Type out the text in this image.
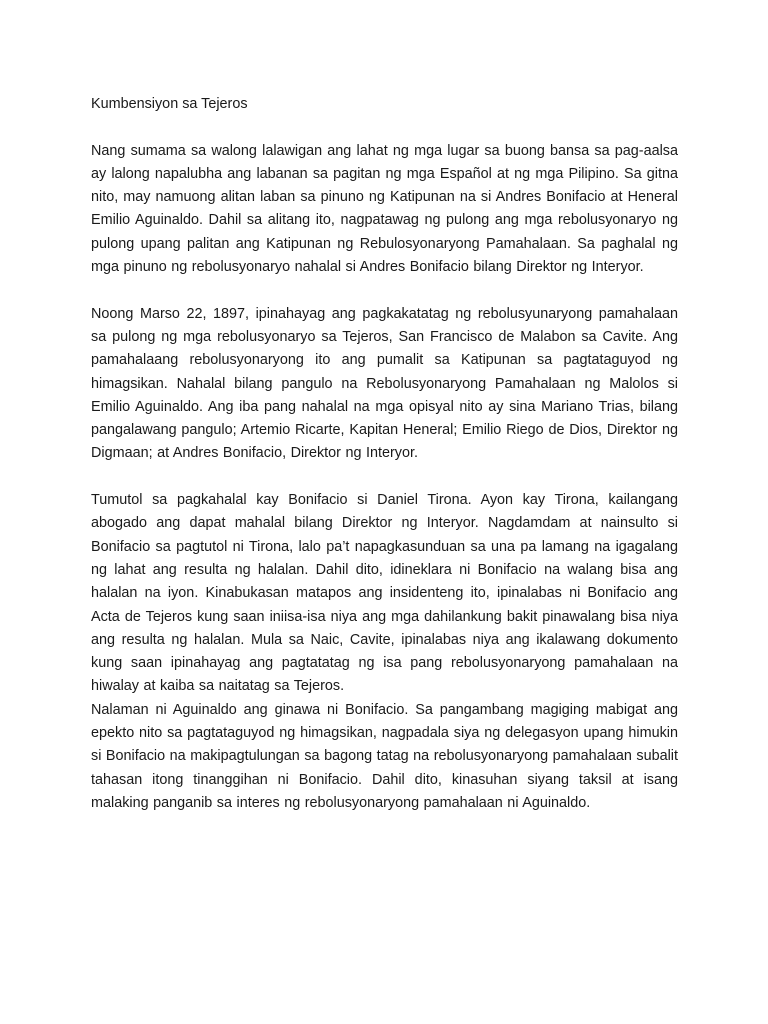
Kumbensiyon sa Tejeros

Nang sumama sa walong lalawigan ang lahat ng mga lugar sa buong bansa sa pag-aalsa ay lalong napalubha ang labanan sa pagitan ng mga Español at ng mga Pilipino. Sa gitna nito, may namuong alitan laban sa pinuno ng Katipunan na si Andres Bonifacio at Heneral Emilio Aguinaldo. Dahil sa alitang ito, nagpatawag ng pulong ang mga rebolusyonaryo ng pulong upang palitan ang Katipunan ng Rebulosyonaryong Pamahalaan. Sa paghalal ng mga pinuno ng rebolusyonaryo nahalal si Andres Bonifacio bilang Direktor ng Interyor.

Noong Marso 22, 1897, ipinahayag ang pagkakatatag ng rebolusyunaryong pamahalaan sa pulong ng mga rebolusyonaryo sa Tejeros, San Francisco de Malabon sa Cavite. Ang pamahalaang rebolusyonaryong ito ang pumalit sa Katipunan sa pagtataguyod ng himagsikan. Nahalal bilang pangulo na Rebolusyonaryong Pamahalaan ng Malolos si Emilio Aguinaldo. Ang iba pang nahalal na mga opisyal nito ay sina Mariano Trias, bilang pangalawang pangulo; Artemio Ricarte, Kapitan Heneral; Emilio Riego de Dios, Direktor ng Digmaan; at Andres Bonifacio, Direktor ng Interyor.

Tumutol sa pagkahalal kay Bonifacio si Daniel Tirona. Ayon kay Tirona, kailangang abogado ang dapat mahalal bilang Direktor ng Interyor. Nagdamdam at nainsulto si Bonifacio sa pagtutol ni Tirona, lalo pa’t napagkasunduan sa una pa lamang na igagalang ng lahat ang resulta ng halalan. Dahil dito, idineklara ni Bonifacio na walang bisa ang halalan na iyon. Kinabukasan matapos ang insidenteng ito, ipinalabas ni Bonifacio ang Acta de Tejeros kung saan iniisa-isa niya ang mga dahilankung bakit pinawalang bisa niya ang resulta ng halalan. Mula sa Naic, Cavite, ipinalabas niya ang ikalawang dokumento kung saan ipinahayag ang pagtatatag ng isa pang rebolusyonaryong pamahalaan na hiwalay at kaiba sa naitatag sa Tejeros.

Nalaman ni Aguinaldo ang ginawa ni Bonifacio. Sa pangambang magiging mabigat ang epekto nito sa pagtataguyod ng himagsikan, nagpadala siya ng delegasyon upang himukin si Bonifacio na makipagtulungan sa bagong tatag na rebolusyonaryong pamahalaan subalit tahasan itong tinanggihan ni Bonifacio. Dahil dito, kinasuhan siyang taksil at isang malaking panganib sa interes ng rebolusyonaryong pamahalaan ni Aguinaldo.
